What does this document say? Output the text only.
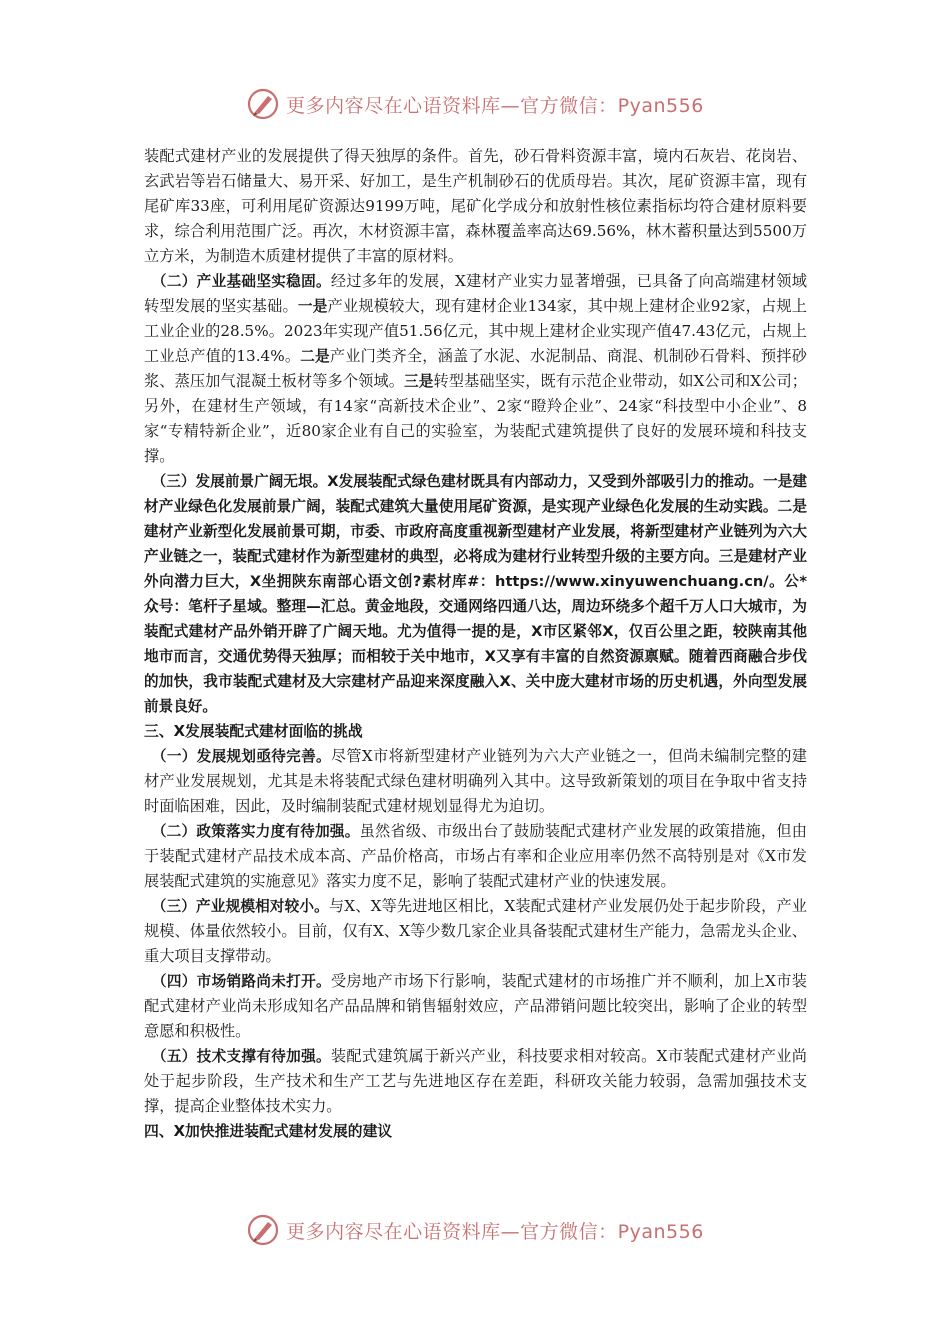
更多内容尽在心语资料库—官方微信：Pyan556

装配式建材产业的发展提供了得天独厚的条件。首先，砂石骨料资源丰富，境内石灰岩、花岗岩、玄武岩等岩石储量大、易开采、好加工，是生产机制砂石的优质母岩。其次，尾矿资源丰富，现有尾矿库33座，可利用尾矿资源达9199万吨，尾矿化学成分和放射性核位素指标均符合建材原料要求，综合利用范围广泛。再次，木材资源丰富，森林覆盖率高达69.56%，林木蓄积量达到5500万立方米，为制造木质建材提供了丰富的原材料。

 （二）产业基础坚实稳固。经过多年的发展，X建材产业实力显著增强，已具备了向高端建材领域转型发展的坚实基础。一是产业规模较大，现有建材企业134家，其中规上建材企业92家，占规上工业企业的28.5%。2023年实现产值51.56亿元，其中规上建材企业实现产值47.43亿元，占规上工业总产值的13.4%。二是产业门类齐全，涵盖了水泥、水泥制品、商混、机制砂石骨料、预拌砂浆、蒸压加气混凝土板材等多个领域。三是转型基础坚实，既有示范企业带动，如X公司和X公司；另外，在建材生产领域，有14家“高新技术企业”、2家“瞪羚企业”、24家“科技型中小企业”、8家“专精特新企业”，近80家企业有自己的实验室，为装配式建筑提供了良好的发展环境和科技支撑。

 （三）发展前景广阔无垠。X发展装配式绿色建材既具有内部动力，又受到外部吸引力的推动。一是建材产业绿色化发展前景广阔，装配式建筑大量使用尾矿资源，是实现产业绿色化发展的生动实践。二是建材产业新型化发展前景可期，市委、市政府高度重视新型建材产业发展，将新型建材产业链列为六大产业链之一，装配式建材作为新型建材的典型，必将成为建材行业转型升级的主要方向。三是建材产业外向潜力巨大，X坐拥陕东南部心语文创?素材库#：https://www.xinyuwenchuang.cn/。公*众号：笔杆子星域。整理—汇总。黄金地段，交通网络四通八达，周边环绕多个超千万人口大城市，为装配式建材产品外销开辟了广阔天地。尤为值得一提的是，X市区紧邻X，仅百公里之距，较陕南其他地市而言，交通优势得天独厚；而相较于关中地市，X又享有丰富的自然资源禀赋。随着西商融合步伐的加快，我市装配式建材及大宗建材产品迎来深度融入X、关中庞大建材市场的历史机遇，外向型发展前景良好。

三、X发展装配式建材面临的挑战

 （一）发展规划亟待完善。尽管X市将新型建材产业链列为六大产业链之一，但尚未编制完整的建材产业发展规划，尤其是未将装配式绿色建材明确列入其中。这导致新策划的项目在争取中省支持时面临困难，因此，及时编制装配式建材规划显得尤为迫切。

 （二）政策落实力度有待加强。虽然省级、市级出台了鼓励装配式建材产业发展的政策措施，但由于装配式建材产品技术成本高、产品价格高，市场占有率和企业应用率仍然不高特别是对《X市发展装配式建筑的实施意见》落实力度不足，影响了装配式建材产业的快速发展。

 （三）产业规模相对较小。与X、X等先进地区相比，X装配式建材产业发展仍处于起步阶段，产业规模、体量依然较小。目前，仅有X、X等少数几家企业具备装配式建材生产能力，急需龙头企业、重大项目支撑带动。

 （四）市场销路尚未打开。受房地产市场下行影响，装配式建材的市场推广并不顺利，加上X市装配式建材产业尚未形成知名产品品牌和销售辐射效应，产品滞销问题比较突出，影响了企业的转型意愿和积极性。

 （五）技术支撑有待加强。装配式建筑属于新兴产业，科技要求相对较高。X市装配式建材产业尚处于起步阶段，生产技术和生产工艺与先进地区存在差距，科研攻关能力较弱，急需加强技术支撑，提高企业整体技术实力。

四、X加快推进装配式建材发展的建议

更多内容尽在心语资料库—官方微信：Pyan556
